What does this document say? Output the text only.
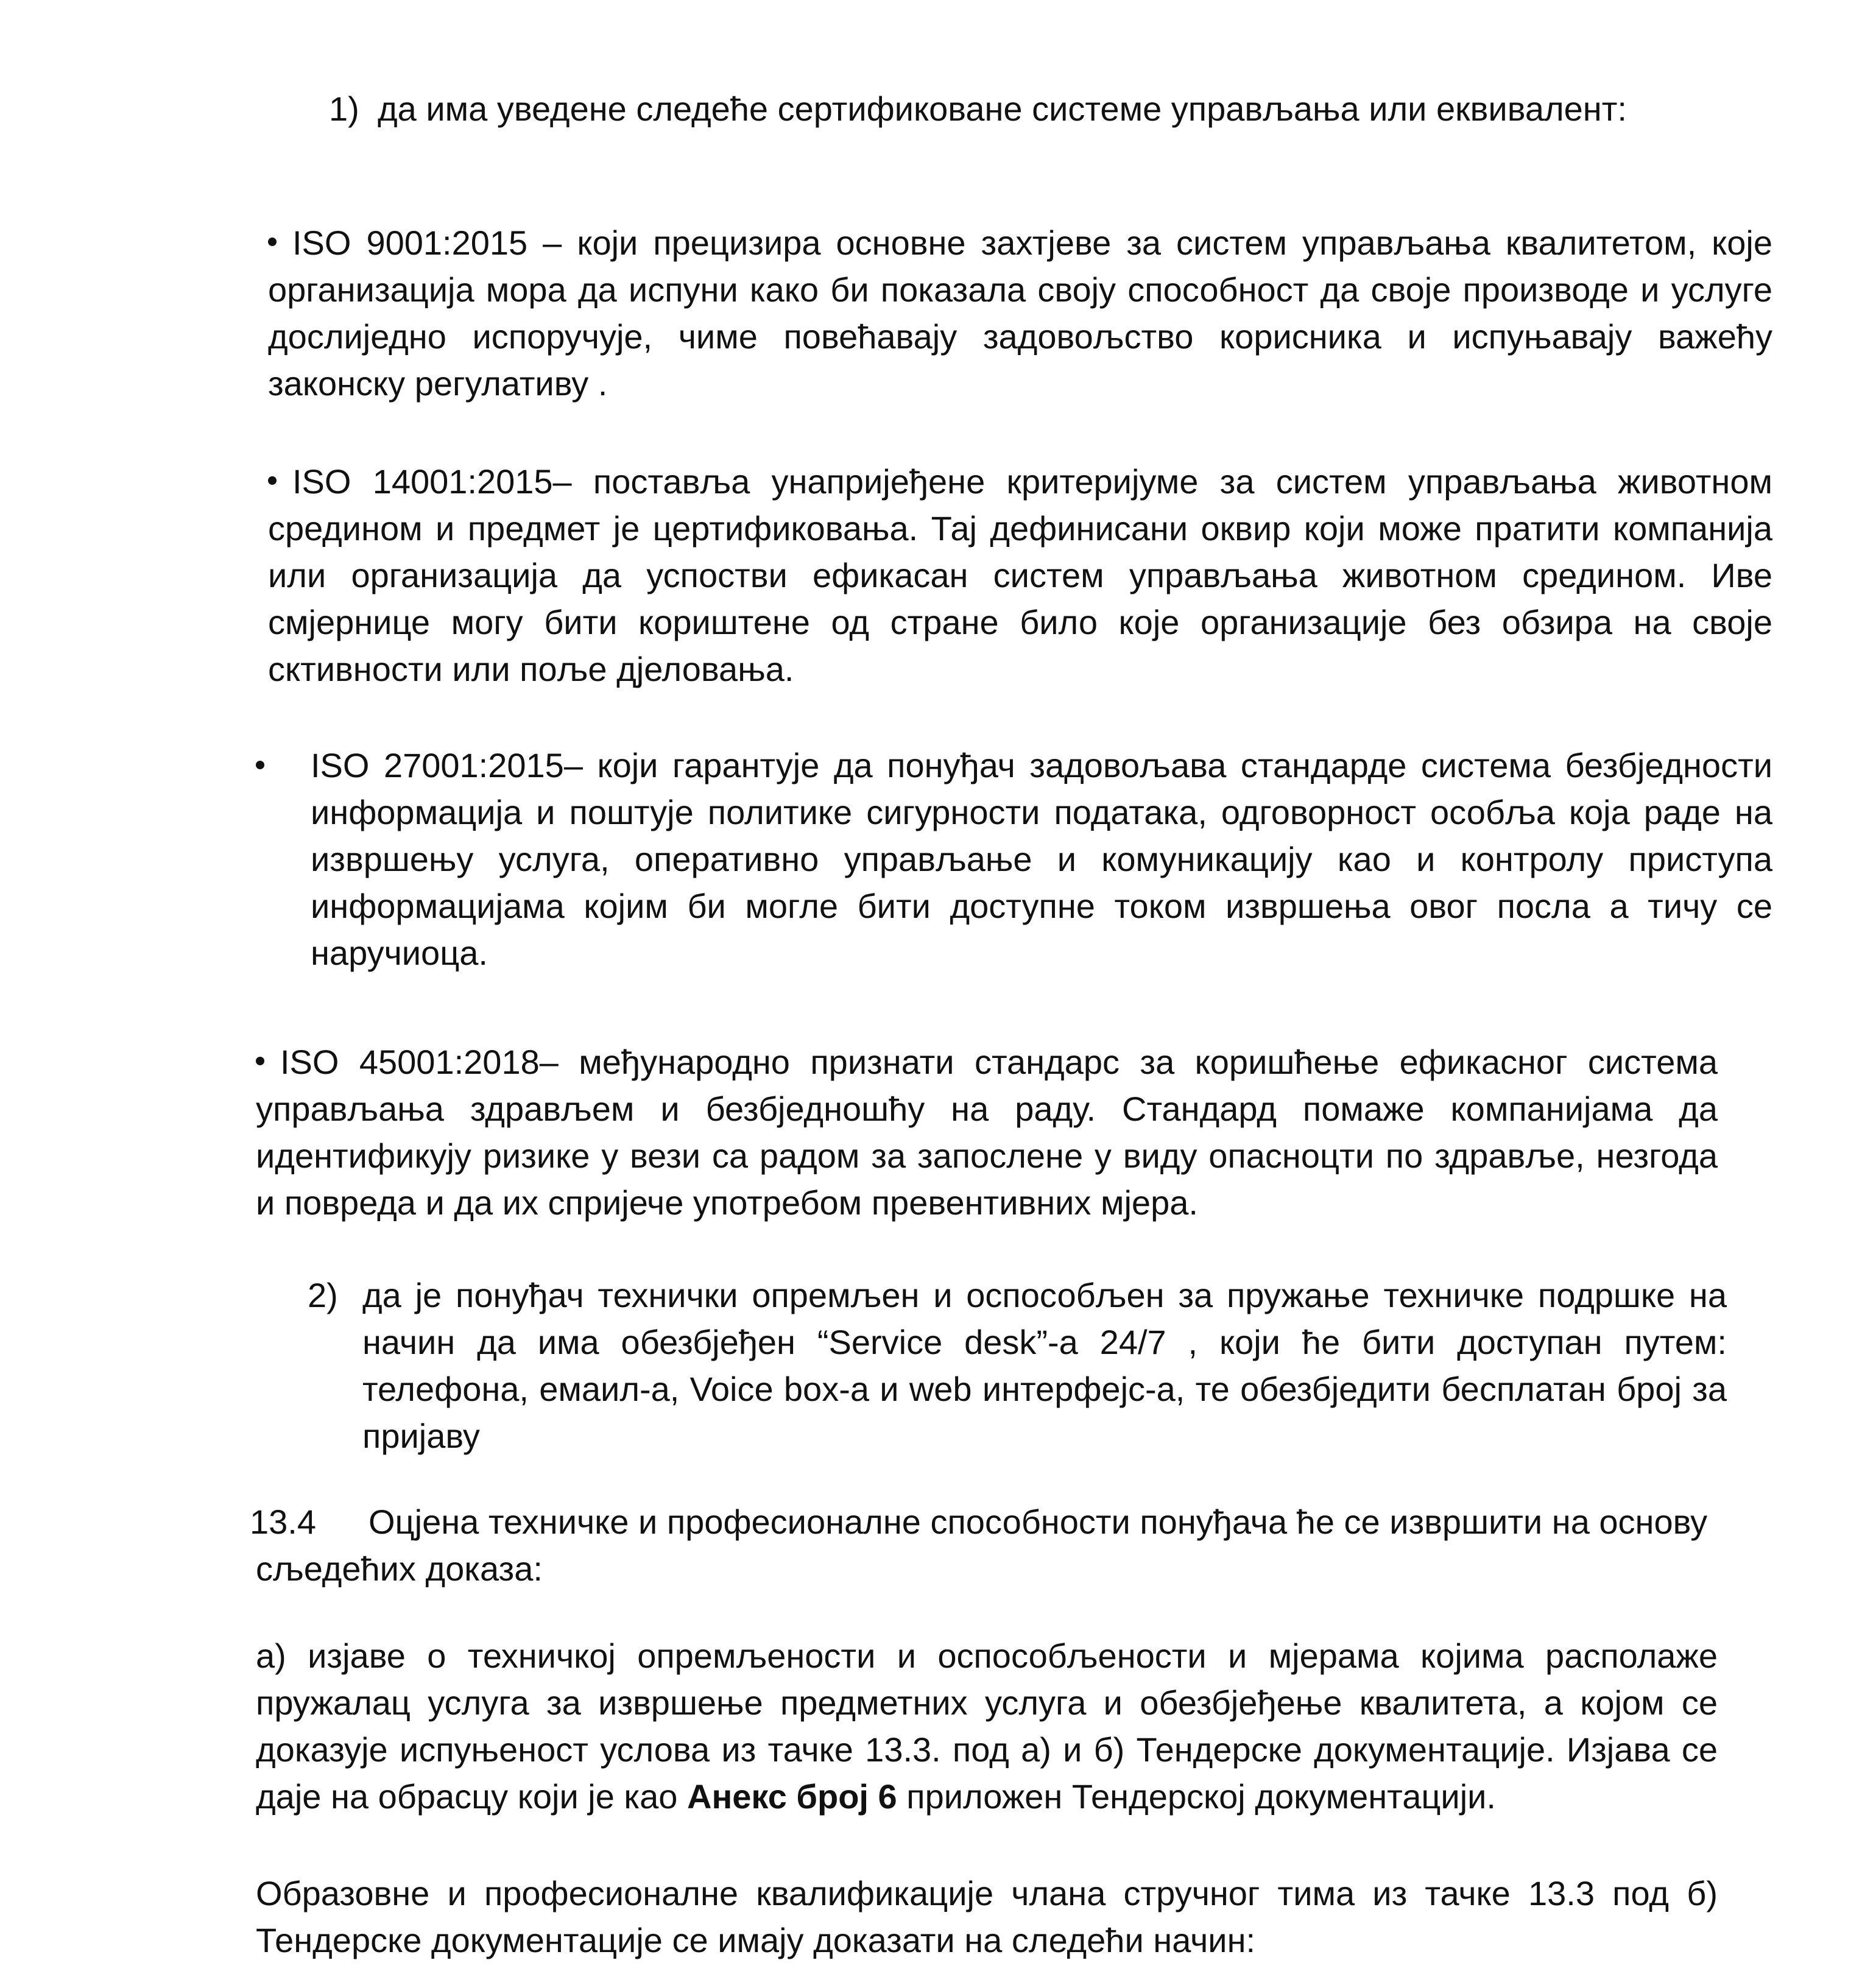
1) да има уведене следеће сертификоване системе управљања или еквивалент:

ISO 9001:2015 – који прецизира основне захтјеве за систем управљања квалитетом, које организација мора да испуни како би показала своју способност да своје производе и услуге дослиједно испоручује, чиме повећавају задовољство корисника и испуњавају важећу законску регулативу .

ISO 14001:2015– поставља унапријеђене критеријуме за систем управљања животном средином и предмет је цертификовања. Тај дефинисани оквир који може пратити компанија или организација да успостви ефикасан систем управљања животном средином. Иве смјернице могу бити кориштене од стране било које организације без обзира на своје сктивности или поље дјеловања.

ISO 27001:2015– који гарантује да понуђач задовољава стандарде система безбједности информација и поштује политике сигурности података, одговорност особља која раде на извршењу услуга, оперативно управљање и комуникацију као и контролу приступа информацијама којим би могле бити доступне током извршења овог посла а тичу се наручиоца.

ISO 45001:2018– међународно признати стандарс за коришћење ефикасног система управљања здрављем и безбједношћу на раду. Стандард помаже компанијама да идентификују ризике у вези са радом за запослене у виду опасноцти по здравље, незгода и повреда и да их спријече употребом превентивних мјера.

2) да је понуђач технички опремљен и оспособљен за пружање техничке подршке на начин да има обезбјеђен “Service desk”-а 24/7 , који ће бити доступан путем: телефона, емаил-а, Voice box-a и web интерфејс-а, те обезбједити бесплатан број за пријаву

13.4 Оцјена техничке и професионалне способности понуђача ће се извршити на основу сљедећих доказа:

а) изјаве о техничкој опремљености и оспособљености и мјерама којима располаже пружалац услуга за извршење предметних услуга и обезбјеђење квалитета, а којом се доказује испуњеност услова из тачке 13.3. под а) и б) Тендерске документације. Изјава се даје на обрасцу који је као Анекс број 6 приложен Тендерској документацији.

Образовне и професионалне квалификације члана стручног тима из тачке 13.3 под б) Тендерске документације се имају доказати на следећи начин:
